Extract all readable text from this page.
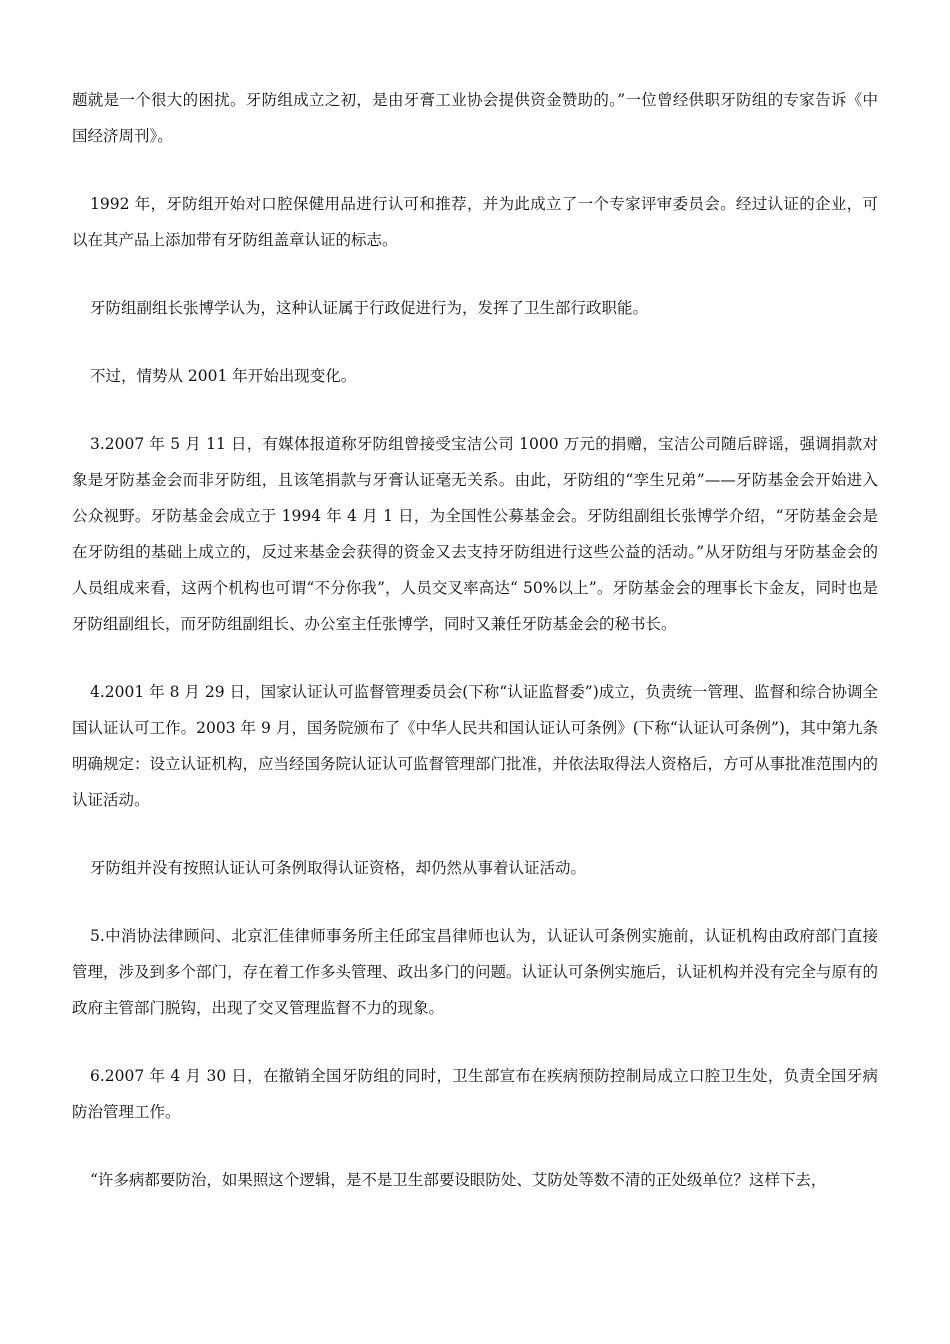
题就是一个很大的困扰。牙防组成立之初，是由牙膏工业协会提供资金赞助的。”一位曾经供职牙防组的专家告诉《中国经济周刊》。

1992 年，牙防组开始对口腔保健用品进行认可和推荐，并为此成立了一个专家评审委员会。经过认证的企业，可以在其产品上添加带有牙防组盖章认证的标志。

牙防组副组长张博学认为，这种认证属于行政促进行为，发挥了卫生部行政职能。

不过，情势从 2001 年开始出现变化。

3.2007 年 5 月 11 日，有媒体报道称牙防组曾接受宝洁公司 1000 万元的捐赠，宝洁公司随后辟谣，强调捐款对象是牙防基金会而非牙防组，且该笔捐款与牙膏认证毫无关系。由此，牙防组的“孪生兄弟”——牙防基金会开始进入公众视野。牙防基金会成立于 1994 年 4 月 1 日，为全国性公募基金会。牙防组副组长张博学介绍，“牙防基金会是在牙防组的基础上成立的，反过来基金会获得的资金又去支持牙防组进行这些公益的活动。”从牙防组与牙防基金会的人员组成来看，这两个机构也可谓“不分你我”，人员交叉率高达“ 50%以上”。牙防基金会的理事长卞金友，同时也是牙防组副组长，而牙防组副组长、办公室主任张博学，同时又兼任牙防基金会的秘书长。

4.2001 年 8 月 29 日，国家认证认可监督管理委员会(下称“认证监督委”)成立，负责统一管理、监督和综合协调全国认证认可工作。2003 年 9 月，国务院颁布了《中华人民共和国认证认可条例》(下称“认证认可条例”)，其中第九条明确规定：设立认证机构，应当经国务院认证认可监督管理部门批准，并依法取得法人资格后，方可从事批准范围内的认证活动。

牙防组并没有按照认证认可条例取得认证资格，却仍然从事着认证活动。

5.中消协法律顾问、北京汇佳律师事务所主任邱宝昌律师也认为，认证认可条例实施前，认证机构由政府部门直接管理，涉及到多个部门，存在着工作多头管理、政出多门的问题。认证认可条例实施后，认证机构并没有完全与原有的政府主管部门脱钩，出现了交叉管理监督不力的现象。

6.2007 年 4 月 30 日，在撤销全国牙防组的同时，卫生部宣布在疾病预防控制局成立口腔卫生处，负责全国牙病防治管理工作。

“许多病都要防治，如果照这个逻辑，是不是卫生部要设眼防处、艾防处等数不清的正处级单位？这样下去，
